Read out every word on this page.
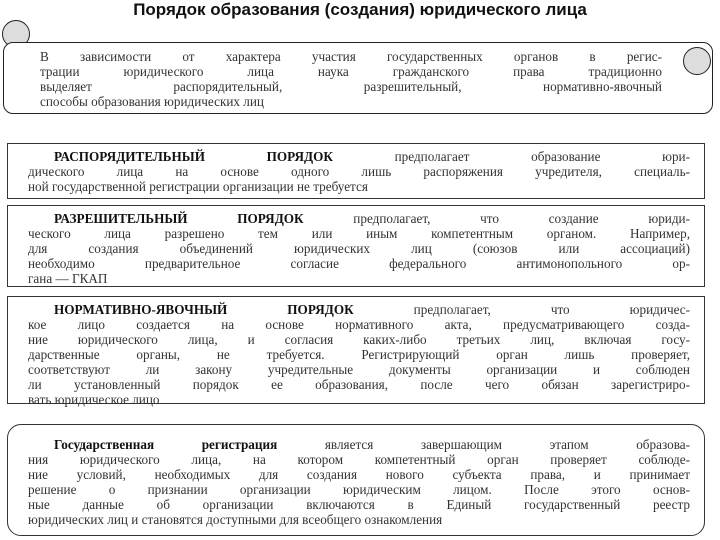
Порядок образования (создания) юридического лица
В зависимости от характера участия государственных органов в регис-
трации юридического лица наука гражданского права традиционно
выделяет распорядительный, разрешительный, нормативно-явочный
способы образования юридических лиц
РАСПОРЯДИТЕЛЬНЫЙ ПОРЯДОК предполагает образование юри-
дического лица на основе одного лишь распоряжения учредителя, специаль-
ной государственной регистрации организации не требуется
РАЗРЕШИТЕЛЬНЫЙ ПОРЯДОК предполагает, что создание юриди-
ческого лица разрешено тем или иным компетентным органом. Например,
для создания объединений юридических лиц (союзов или ассоциаций)
необходимо предварительное согласие федерального антимонопольного ор-
гана — ГКАП
НОРМАТИВНО-ЯВОЧНЫЙ ПОРЯДОК предполагает, что юридичес-
кое лицо создается на основе нормативного акта, предусматривающего созда-
ние юридического лица, и согласия каких-либо третьих лиц, включая госу-
дарственные органы, не требуется. Регистрирующий орган лишь проверяет,
соответствуют ли закону учредительные документы организации и соблюден
ли установленный порядок ее образования, после чего обязан зарегистриро-
вать юридическое лицо
Государственная регистрация является завершающим этапом образова-
ния юридического лица, на котором компетентный орган проверяет соблюде-
ние условий, необходимых для создания нового субъекта права, и принимает
решение о признании организации юридическим лицом. После этого основ-
ные данные об организации включаются в Единый государственный реестр
юридических лиц и становятся доступными для всеобщего ознакомления
